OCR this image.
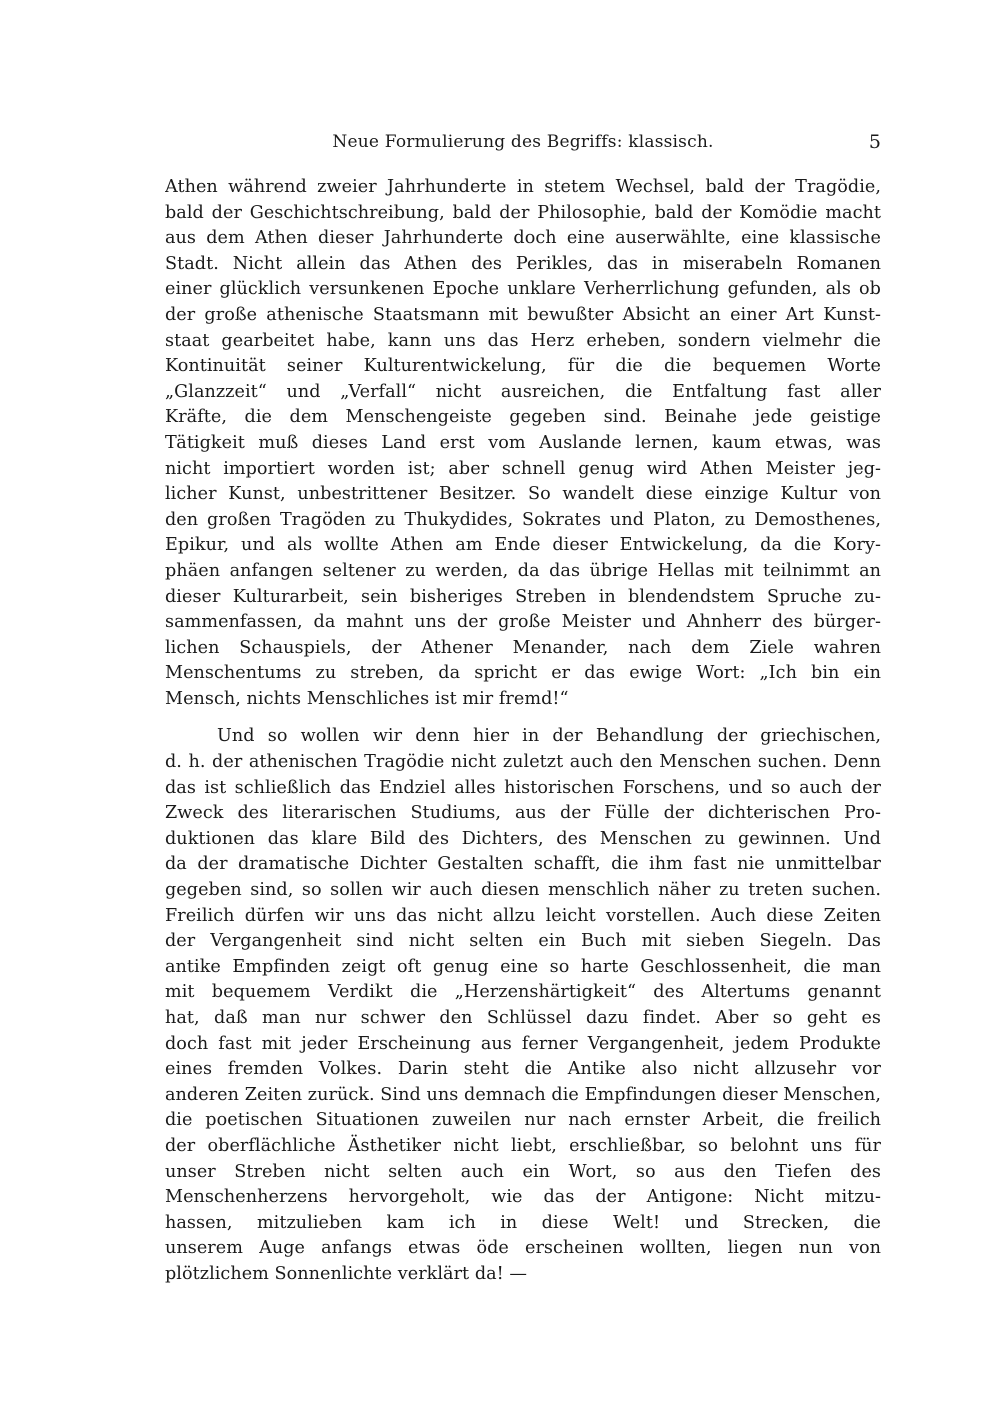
Neue Formulierung des Begriffs: klassisch.	5
Athen während zweier Jahrhunderte in stetem Wechsel, bald der Tragödie,
bald der Geschichtschreibung, bald der Philosophie, bald der Komödie macht
aus dem Athen dieser Jahrhunderte doch eine auserwählte, eine klassische
Stadt. Nicht allein das Athen des Perikles, das in miserabeln Romanen
einer glücklich versunkenen Epoche unklare Verherrlichung gefunden, als ob
der große athenische Staatsmann mit bewußter Absicht an einer Art Kunst-
staat gearbeitet habe, kann uns das Herz erheben, sondern vielmehr die
Kontinuität seiner Kulturentwickelung, für die die bequemen Worte
„Glanzzeit“ und „Verfall“ nicht ausreichen, die Entfaltung fast aller
Kräfte, die dem Menschengeiste gegeben sind. Beinahe jede geistige
Tätigkeit muß dieses Land erst vom Auslande lernen, kaum etwas, was
nicht importiert worden ist; aber schnell genug wird Athen Meister jeg-
licher Kunst, unbestrittener Besitzer. So wandelt diese einzige Kultur von
den großen Tragöden zu Thukydides, Sokrates und Platon, zu Demosthenes,
Epikur, und als wollte Athen am Ende dieser Entwickelung, da die Kory-
phäen anfangen seltener zu werden, da das übrige Hellas mit teilnimmt an
dieser Kulturarbeit, sein bisheriges Streben in blendendstem Spruche zu-
sammenfassen, da mahnt uns der große Meister und Ahnherr des bürger-
lichen Schauspiels, der Athener Menander, nach dem Ziele wahren
Menschentums zu streben, da spricht er das ewige Wort: „Ich bin ein
Mensch, nichts Menschliches ist mir fremd!“
Und so wollen wir denn hier in der Behandlung der griechischen,
d. h. der athenischen Tragödie nicht zuletzt auch den Menschen suchen. Denn
das ist schließlich das Endziel alles historischen Forschens, und so auch der
Zweck des literarischen Studiums, aus der Fülle der dichterischen Pro-
duktionen das klare Bild des Dichters, des Menschen zu gewinnen. Und
da der dramatische Dichter Gestalten schafft, die ihm fast nie unmittelbar
gegeben sind, so sollen wir auch diesen menschlich näher zu treten suchen.
Freilich dürfen wir uns das nicht allzu leicht vorstellen. Auch diese Zeiten
der Vergangenheit sind nicht selten ein Buch mit sieben Siegeln. Das
antike Empfinden zeigt oft genug eine so harte Geschlossenheit, die man
mit bequemem Verdikt die „Herzenshärtigkeit“ des Altertums genannt
hat, daß man nur schwer den Schlüssel dazu findet. Aber so geht es
doch fast mit jeder Erscheinung aus ferner Vergangenheit, jedem Produkte
eines fremden Volkes. Darin steht die Antike also nicht allzusehr vor
anderen Zeiten zurück. Sind uns demnach die Empfindungen dieser Menschen,
die poetischen Situationen zuweilen nur nach ernster Arbeit, die freilich
der oberflächliche Ästhetiker nicht liebt, erschließbar, so belohnt uns für
unser Streben nicht selten auch ein Wort, so aus den Tiefen des
Menschenherzens hervorgeholt, wie das der Antigone: Nicht mitzu-
hassen, mitzulieben kam ich in diese Welt! und Strecken, die
unserem Auge anfangs etwas öde erscheinen wollten, liegen nun von
plötzlichem Sonnenlichte verklärt da! —
